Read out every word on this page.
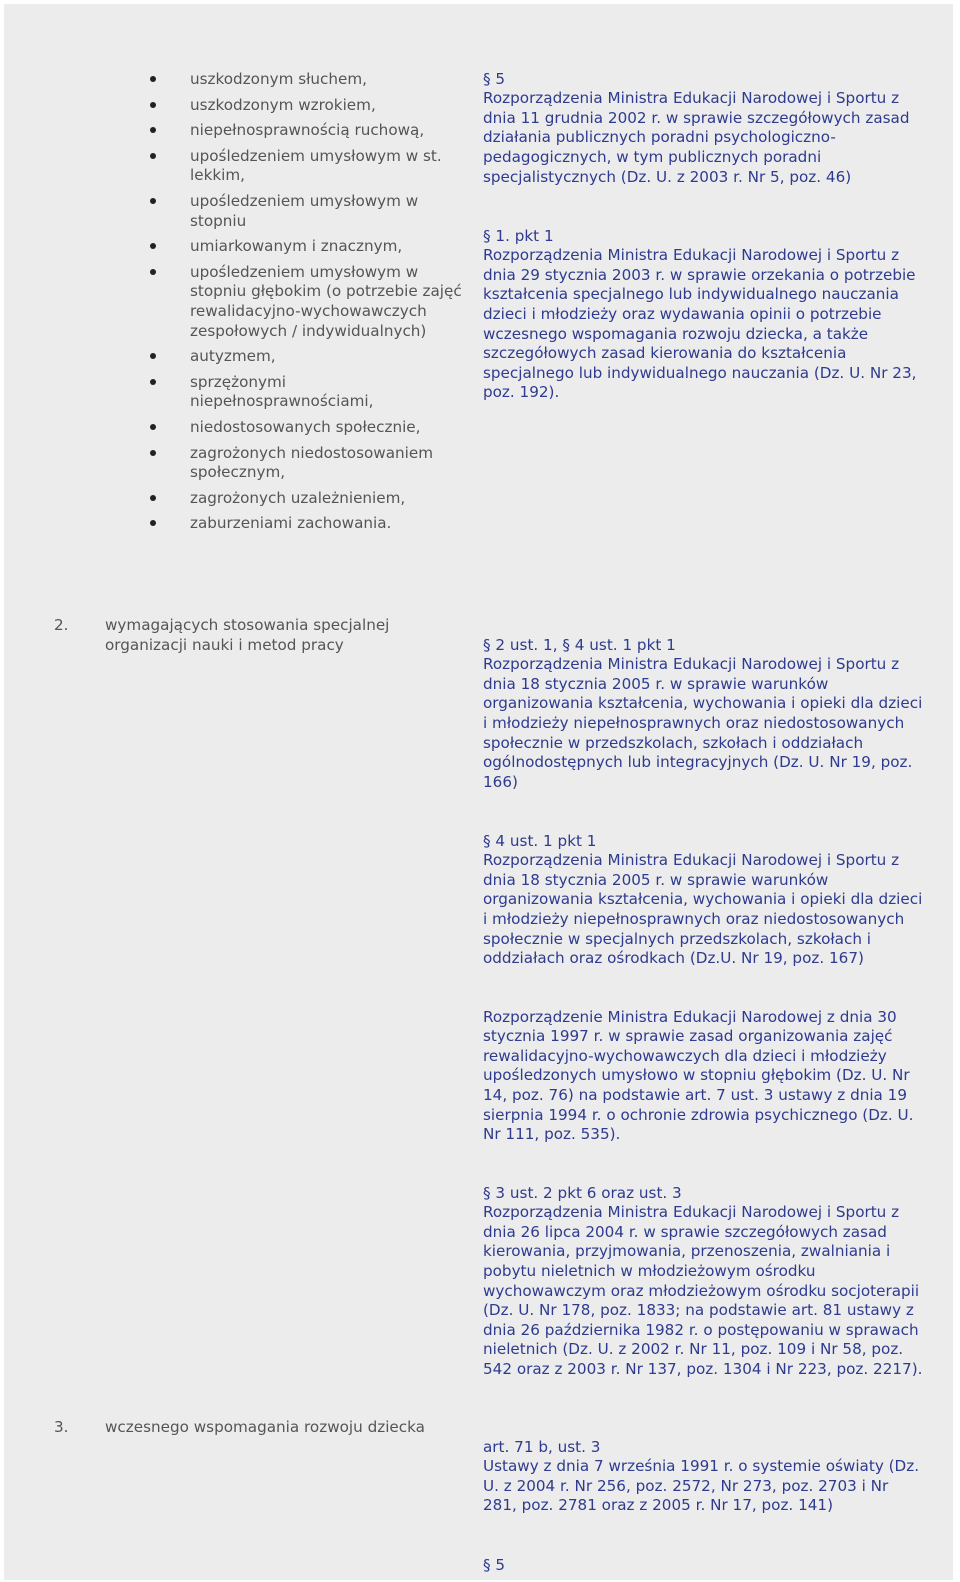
uszkodzonym słuchem,
uszkodzonym wzrokiem,
niepełnosprawnością ruchową,
upośledzeniem umysłowym w st. lekkim,
upośledzeniem umysłowym w stopniu
umiarkowanym i znacznym,
upośledzeniem umysłowym w stopniu głębokim (o potrzebie zajęć rewalidacyjno-wychowawczych zespołowych / indywidualnych)
autyzmem,
sprzężonymi niepełnosprawnościami,
niedostosowanych społecznie,
zagrożonych niedostosowaniem społecznym,
zagrożonych uzależnieniem,
zaburzeniami zachowania.

§ 5
Rozporządzenia Ministra Edukacji Narodowej i Sportu z dnia 11 grudnia 2002 r. w sprawie szczegółowych zasad działania publicznych poradni psychologiczno-pedagogicznych, w tym publicznych poradni specjalistycznych (Dz. U. z 2003 r. Nr 5, poz. 46)

§ 1. pkt 1
Rozporządzenia Ministra Edukacji Narodowej i Sportu z dnia 29 stycznia 2003 r. w sprawie orzekania o potrzebie kształcenia specjalnego lub indywidualnego nauczania dzieci i młodzieży oraz wydawania opinii o potrzebie wczesnego wspomagania rozwoju dziecka, a także szczegółowych zasad kierowania do kształcenia specjalnego lub indywidualnego nauczania (Dz. U. Nr 23, poz. 192).

2. wymagających stosowania specjalnej organizacji nauki i metod pracy	§ 2 ust. 1, § 4 ust. 1 pkt 1
Rozporządzenia Ministra Edukacji Narodowej i Sportu z dnia 18 stycznia 2005 r. w sprawie warunków organizowania kształcenia, wychowania i opieki dla dzieci i młodzieży niepełnosprawnych oraz niedostosowanych społecznie w przedszkolach, szkołach i oddziałach ogólnodostępnych lub integracyjnych (Dz. U. Nr 19, poz. 166)

§ 4 ust. 1 pkt 1
Rozporządzenia Ministra Edukacji Narodowej i Sportu z dnia 18 stycznia 2005 r. w sprawie warunków organizowania kształcenia, wychowania i opieki dla dzieci i młodzieży niepełnosprawnych oraz niedostosowanych społecznie w specjalnych przedszkolach, szkołach i oddziałach oraz ośrodkach (Dz.U. Nr 19, poz. 167)

Rozporządzenie Ministra Edukacji Narodowej z dnia 30 stycznia 1997 r. w sprawie zasad organizowania zajęć rewalidacyjno-wychowawczych dla dzieci i młodzieży upośledzonych umysłowo w stopniu głębokim (Dz. U. Nr 14, poz. 76) na podstawie art. 7 ust. 3 ustawy z dnia 19 sierpnia 1994 r. o ochronie zdrowia psychicznego (Dz. U. Nr 111, poz. 535).

§ 3 ust. 2 pkt 6 oraz ust. 3
Rozporządzenia Ministra Edukacji Narodowej i Sportu z dnia 26 lipca 2004 r. w sprawie szczegółowych zasad kierowania, przyjmowania, przenoszenia, zwalniania i pobytu nieletnich w młodzieżowym ośrodku wychowawczym oraz młodzieżowym ośrodku socjoterapii (Dz. U. Nr 178, poz. 1833; na podstawie art. 81 ustawy z dnia 26 października 1982 r. o postępowaniu w sprawach nieletnich (Dz. U. z 2002 r. Nr 11, poz. 109 i Nr 58, poz. 542 oraz z 2003 r. Nr 137, poz. 1304 i Nr 223, poz. 2217).

3. wczesnego wspomagania rozwoju dziecka

art. 71 b, ust. 3
Ustawy z dnia 7 września 1991 r. o systemie oświaty (Dz. U. z 2004 r. Nr 256, poz. 2572, Nr 273, poz. 2703 i Nr 281, poz. 2781 oraz z 2005 r. Nr 17, poz. 141)

§ 5
